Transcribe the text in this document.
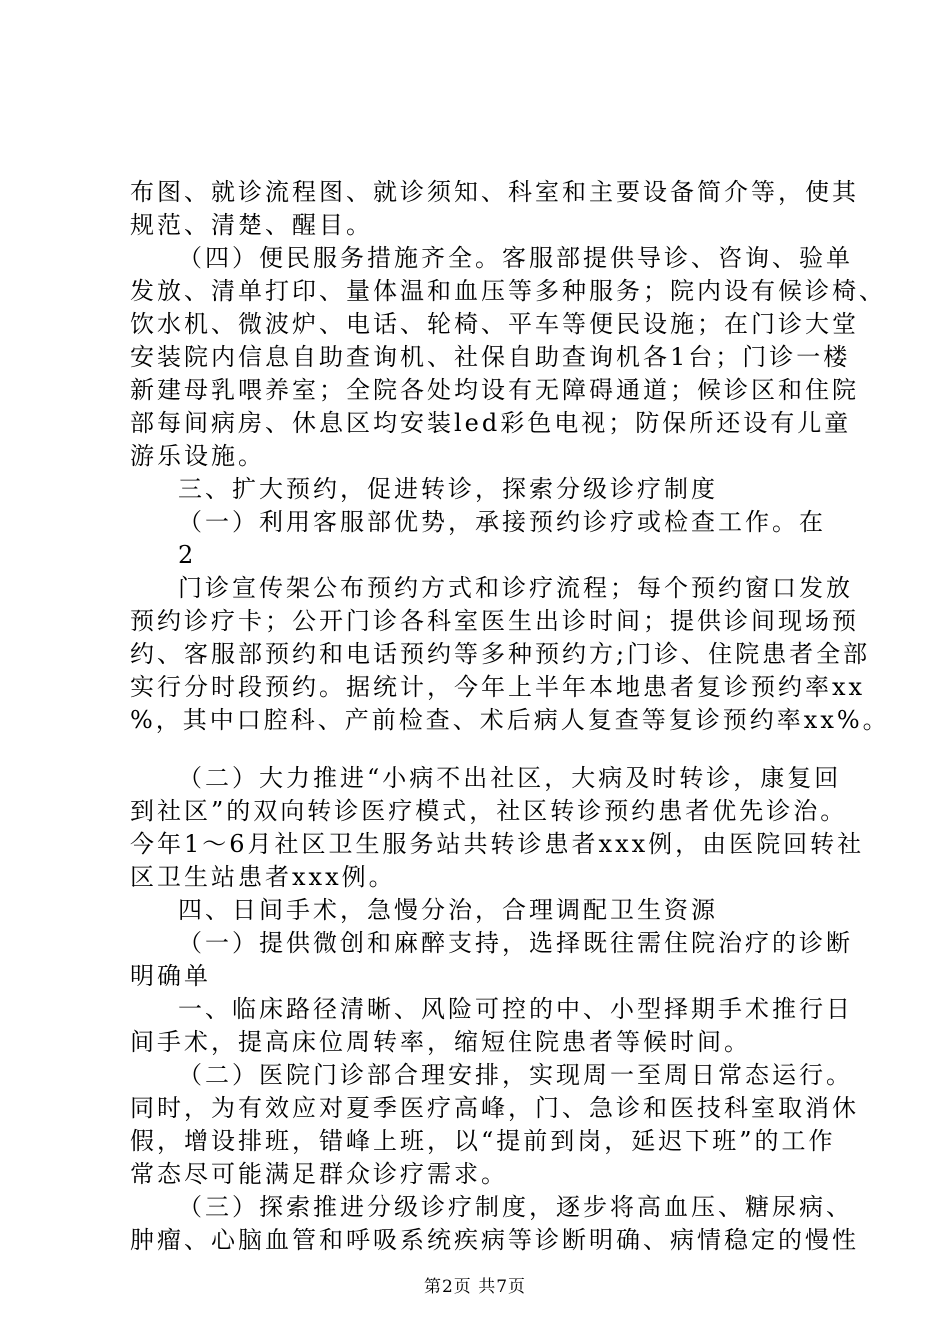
布图、就诊流程图、就诊须知、科室和主要设备简介等，使其
规范、清楚、醒目。
（四）便民服务措施齐全。客服部提供导诊、咨询、验单
发放、清单打印、量体温和血压等多种服务；院内设有候诊椅、
饮水机、微波炉、电话、轮椅、平车等便民设施；在门诊大堂
安装院内信息自助查询机、社保自助查询机各1台；门诊一楼
新建母乳喂养室；全院各处均设有无障碍通道；候诊区和住院
部每间病房、休息区均安装led彩色电视；防保所还设有儿童
游乐设施。
三、扩大预约，促进转诊，探索分级诊疗制度
（一）利用客服部优势，承接预约诊疗或检查工作。在
2
门诊宣传架公布预约方式和诊疗流程；每个预约窗口发放
预约诊疗卡；公开门诊各科室医生出诊时间；提供诊间现场预
约、客服部预约和电话预约等多种预约方;门诊、住院患者全部
实行分时段预约。据统计，今年上半年本地患者复诊预约率xx
%，其中口腔科、产前检查、术后病人复查等复诊预约率xx%。
（二）大力推进“小病不出社区，大病及时转诊，康复回
到社区”的双向转诊医疗模式，社区转诊预约患者优先诊治。
今年1～6月社区卫生服务站共转诊患者xxx例，由医院回转社
区卫生站患者xxx例。
四、日间手术，急慢分治，合理调配卫生资源
（一）提供微创和麻醉支持，选择既往需住院治疗的诊断
明确单
一、临床路径清晰、风险可控的中、小型择期手术推行日
间手术，提高床位周转率，缩短住院患者等候时间。
（二）医院门诊部合理安排，实现周一至周日常态运行。
同时，为有效应对夏季医疗高峰，门、急诊和医技科室取消休
假，增设排班，错峰上班，以“提前到岗，延迟下班”的工作
常态尽可能满足群众诊疗需求。
（三）探索推进分级诊疗制度，逐步将高血压、糖尿病、
肿瘤、心脑血管和呼吸系统疾病等诊断明确、病情稳定的慢性
第2页 共7页
